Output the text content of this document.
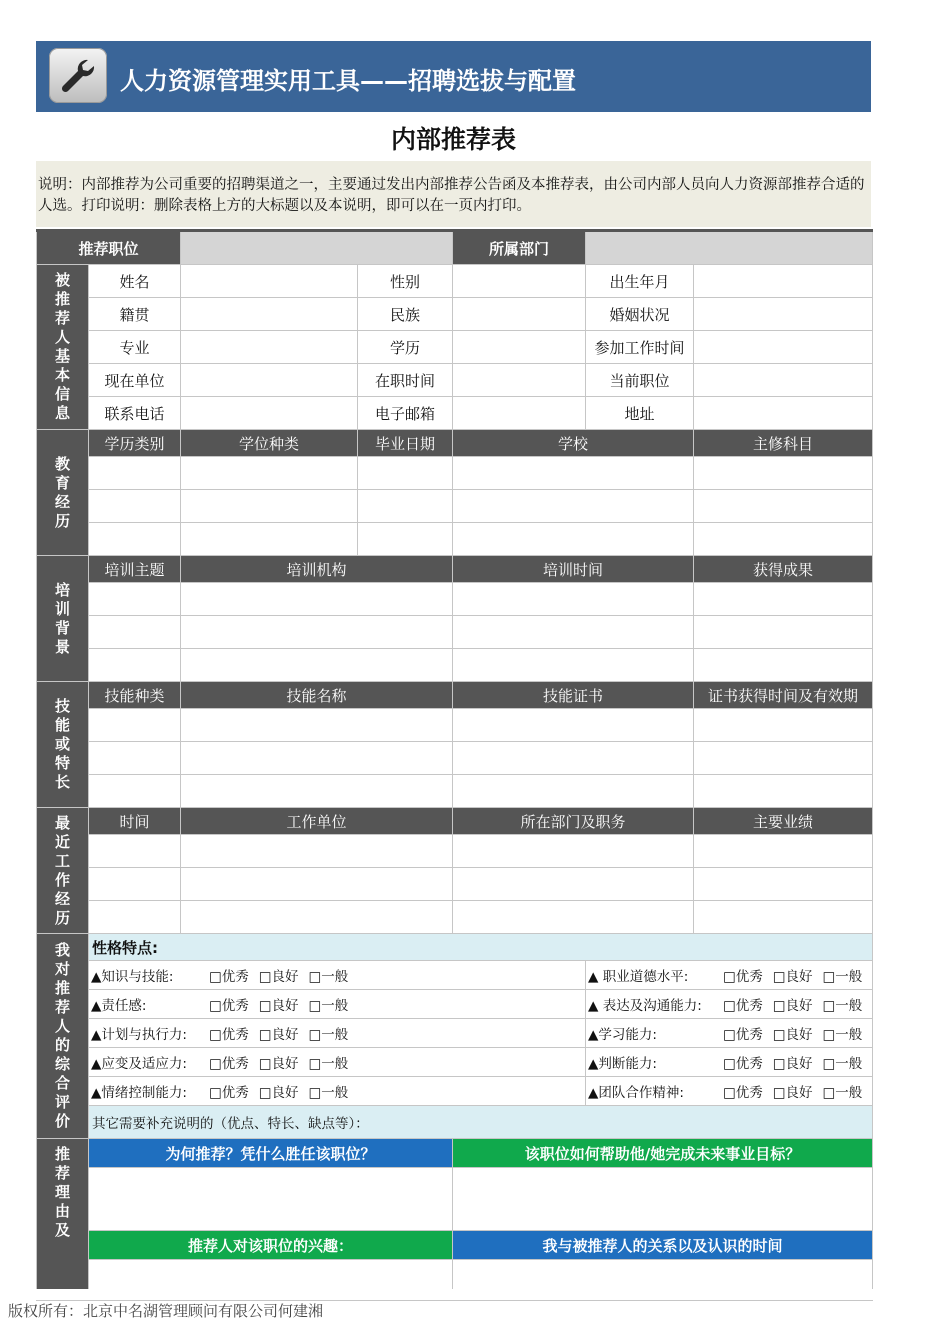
人力资源管理实用工具——招聘选拔与配置
内部推荐表
说明：内部推荐为公司重要的招聘渠道之一，主要通过发出内部推荐公告函及本推荐表，由公司内部人员向人力资源部推荐合适的人选。打印说明：删除表格上方的大标题以及本说明，即可以在一页内打印。
推荐职位				所属部门		

被推荐人基本信息	姓名		性别		出生年月	
	籍贯		民族		婚姻状况	
	专业		学历		参加工作时间	
	现在单位		在职时间		当前职位	
	联系电话		电子邮箱		地址	

教育经历	学历类别	学位种类	毕业日期	学校		主修科目

培训背景	培训主题	培训机构		培训时间		获得成果

技能或特长	技能种类	技能名称		技能证书		证书获得时间及有效期

最近工作经历	时间	工作单位		所在部门及职务		主要业绩

我对推荐人的综合评价	性格特点:					
	▲知识与技能: □优秀 □良好 □一般				▲ 职业道德水平: □优秀 □良好 □一般	
	▲责任感: □优秀 □良好 □一般				▲ 表达及沟通能力: □优秀 □良好 □一般	
	▲计划与执行力: □优秀 □良好 □一般				▲学习能力: □优秀 □良好 □一般	
	▲应变及适应力: □优秀 □良好 □一般				▲判断能力: □优秀 □良好 □一般	
	▲情绪控制能力: □优秀 □良好 □一般				▲团队合作精神: □优秀 □良好 □一般	
	其它需要补充说明的（优点、特长、缺点等）：					

推荐理由及	为何推荐？凭什么胜任该职位？			该职位如何帮助他/她完成未来事业目标？		

	推荐人对该职位的兴趣：			我与被推荐人的关系以及认识的时间		

版权所有：北京中名湖管理顾问有限公司何建湘
